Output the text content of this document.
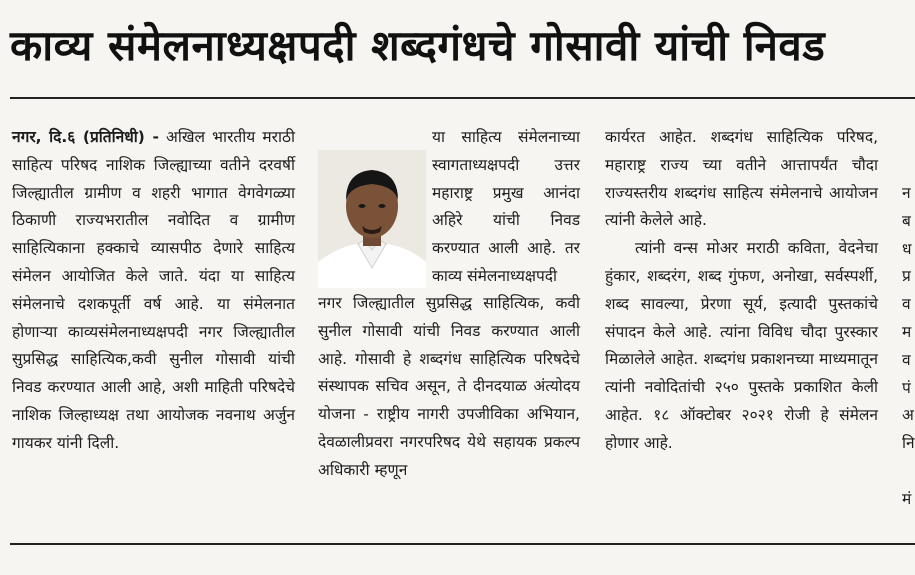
काव्य संमेलनाध्यक्षपदी शब्दगंधचे गोसावी यांची निवड

नगर, दि.६ (प्रतिनिधी) - अखिल भारतीय मराठी साहित्य परिषद नाशिक जिल्ह्याच्या वतीने दरवर्षी जिल्ह्यातील ग्रामीण व शहरी भागात वेगवेगळ्या ठिकाणी राज्यभरातील नवोदित व ग्रामीण साहित्यिकाना हक्काचे व्यासपीठ देणारे साहित्य संमेलन आयोजित केले जाते. यंदा या साहित्य संमेलनाचे दशकपूर्ती वर्ष आहे. या संमेलनात होणाऱ्या काव्यसंमेलनाध्यक्षपदी नगर जिल्ह्यातील सुप्रसिद्ध साहित्यिक,कवी सुनील गोसावी यांची निवड करण्यात आली आहे, अशी माहिती परिषदेचे नाशिक जिल्हाध्यक्ष तथा आयोजक नवनाथ अर्जुन गायकर यांनी दिली.

या साहित्य संमेलनाच्या स्वागताध्यक्षपदी उत्तर महाराष्ट्र प्रमुख आनंदा अहिरे यांची निवड करण्यात आली आहे. तर काव्य संमेलनाध्यक्षपदी

नगर जिल्ह्यातील सुप्रसिद्ध साहित्यिक, कवी सुनील गोसावी यांची निवड करण्यात आली आहे. गोसावी हे शब्दगंध साहित्यिक परिषदेचे संस्थापक सचिव असून, ते दीनदयाळ अंत्योदय योजना - राष्ट्रीय नागरी उपजीविका अभियान, देवळालीप्रवरा नगरपरिषद येथे सहायक प्रकल्प अधिकारी म्हणून

कार्यरत आहेत. शब्दगंध साहित्यिक परिषद, महाराष्ट्र राज्य च्या वतीने आत्तापर्यंत चौदा राज्यस्तरीय शब्दगंध साहित्य संमेलनाचे आयोजन त्यांनी केलेले आहे.

त्यांनी वन्स मोअर मराठी कविता, वेदनेचा हुंकार, शब्दरंग, शब्द गुंफण, अनोखा, सर्वस्पर्शी, शब्द सावल्या, प्रेरणा सूर्य, इत्यादी पुस्तकांचे संपादन केले आहे. त्यांना विविध चौदा पुरस्कार मिळालेले आहेत. शब्दगंध प्रकाशनच्या माध्यमातून त्यांनी नवोदितांची २५० पुस्तके प्रकाशित केली आहेत. १८ ऑक्टोबर २०२१ रोजी हे संमेलन होणार आहे.

न
ब
ध
प्र
व
म
व
पं
अ
नि

मं
